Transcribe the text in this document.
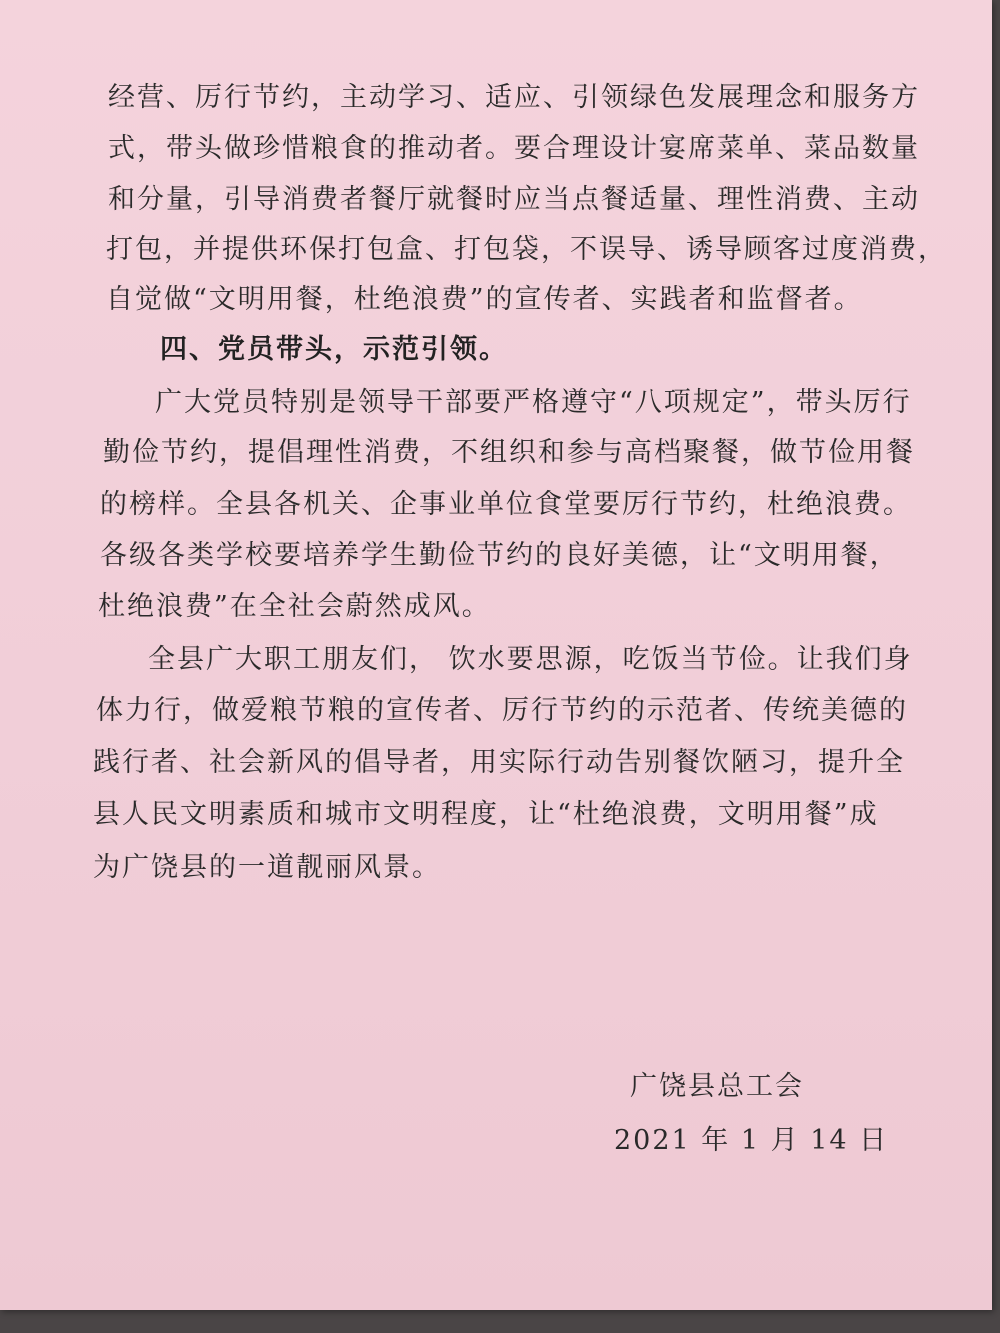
经营、厉行节约，主动学习、适应、引领绿色发展理念和服务方
式，带头做珍惜粮食的推动者。要合理设计宴席菜单、菜品数量
和分量，引导消费者餐厅就餐时应当点餐适量、理性消费、主动
打包，并提供环保打包盒、打包袋，不误导、诱导顾客过度消费，
自觉做“文明用餐，杜绝浪费”的宣传者、实践者和监督者。
四、党员带头，示范引领。
广大党员特别是领导干部要严格遵守“八项规定”，带头厉行
勤俭节约，提倡理性消费，不组织和参与高档聚餐，做节俭用餐
的榜样。全县各机关、企事业单位食堂要厉行节约，杜绝浪费。
各级各类学校要培养学生勤俭节约的良好美德，让“文明用餐，
杜绝浪费”在全社会蔚然成风。
全县广大职工朋友们， 饮水要思源，吃饭当节俭。让我们身
体力行，做爱粮节粮的宣传者、厉行节约的示范者、传统美德的
践行者、社会新风的倡导者，用实际行动告别餐饮陋习，提升全
县人民文明素质和城市文明程度，让“杜绝浪费，文明用餐”成
为广饶县的一道靓丽风景。
广饶县总工会
2021 年 1 月 14 日
